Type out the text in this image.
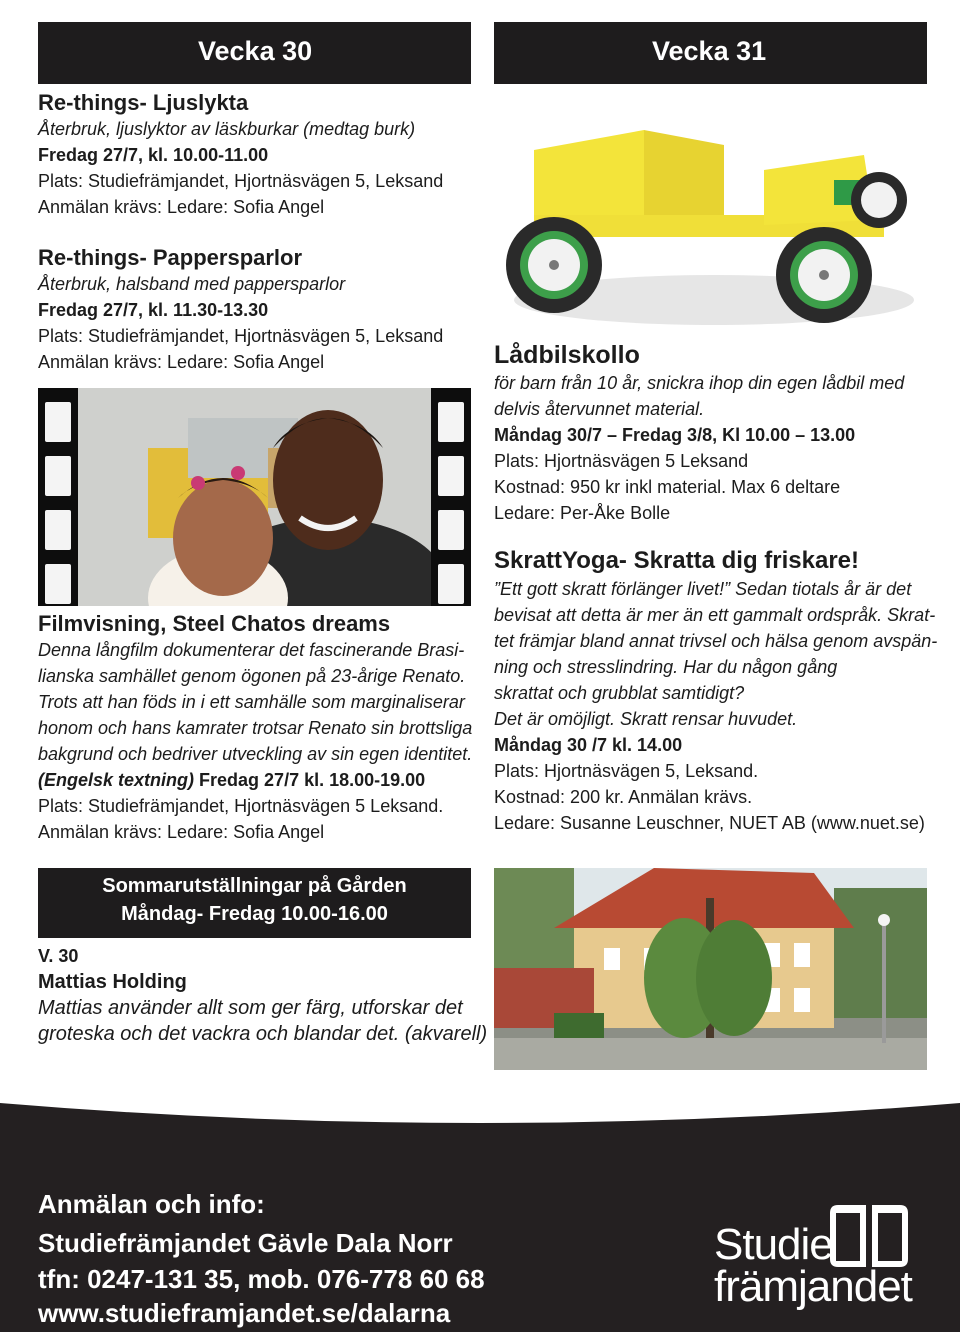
Vecka 30
Re-things- Ljuslykta
Återbruk, ljuslyktor av läskburkar (medtag burk)
Fredag 27/7, kl. 10.00-11.00
Plats: Studiefrämjandet, Hjortnäsvägen 5, Leksand
Anmälan krävs: Ledare: Sofia Angel
Re-things- Pappersparlor
Återbruk, halsband med pappersparlor
Fredag 27/7, kl. 11.30-13.30
Plats: Studiefrämjandet, Hjortnäsvägen 5, Leksand
Anmälan krävs: Ledare: Sofia Angel
Filmvisning, Steel Chatos dreams
Denna långfilm dokumenterar det fascinerande Brasi-
lianska samhället genom ögonen på 23-årige Renato.
Trots att han föds in i ett samhälle som marginaliserar
honom och hans kamrater trotsar Renato sin brottsliga
bakgrund och bedriver utveckling av sin egen identitet.
(Engelsk textning) Fredag 27/7 kl. 18.00-19.00
Plats: Studiefrämjandet, Hjortnäsvägen 5 Leksand.
Anmälan krävs: Ledare: Sofia Angel
Sommarutställningar på Gården
Måndag- Fredag 10.00-16.00
V. 30
Mattias Holding
Mattias använder allt som ger färg, utforskar det
groteska och det vackra och blandar det. (akvarell)
Vecka 31
Lådbilskollo
för barn från 10 år, snickra ihop din egen lådbil med
delvis återvunnet material.
Måndag 30/7 – Fredag 3/8, Kl 10.00 – 13.00
Plats: Hjortnäsvägen 5 Leksand
Kostnad: 950 kr inkl material. Max 6 deltare
Ledare: Per-Åke Bolle
SkrattYoga- Skratta dig friskare!
”Ett gott skratt förlänger livet!” Sedan tiotals år är det
bevisat att detta är mer än ett gammalt ordspråk. Skrat-
tet främjar bland annat trivsel och hälsa genom avspän-
ning och stresslindring. Har du någon gång
skrattat och grubblat samtidigt?
Det är omöjligt. Skratt rensar huvudet.
Måndag 30 /7 kl. 14.00
Plats: Hjortnäsvägen 5, Leksand.
Kostnad: 200 kr. Anmälan krävs.
Ledare: Susanne Leuschner, NUET AB (www.nuet.se)
Anmälan och info:
Studiefrämjandet Gävle Dala Norr
tfn: 0247-131 35, mob. 076-778 60 68
www.studieframjandet.se/dalarna
Studie
främjandet
